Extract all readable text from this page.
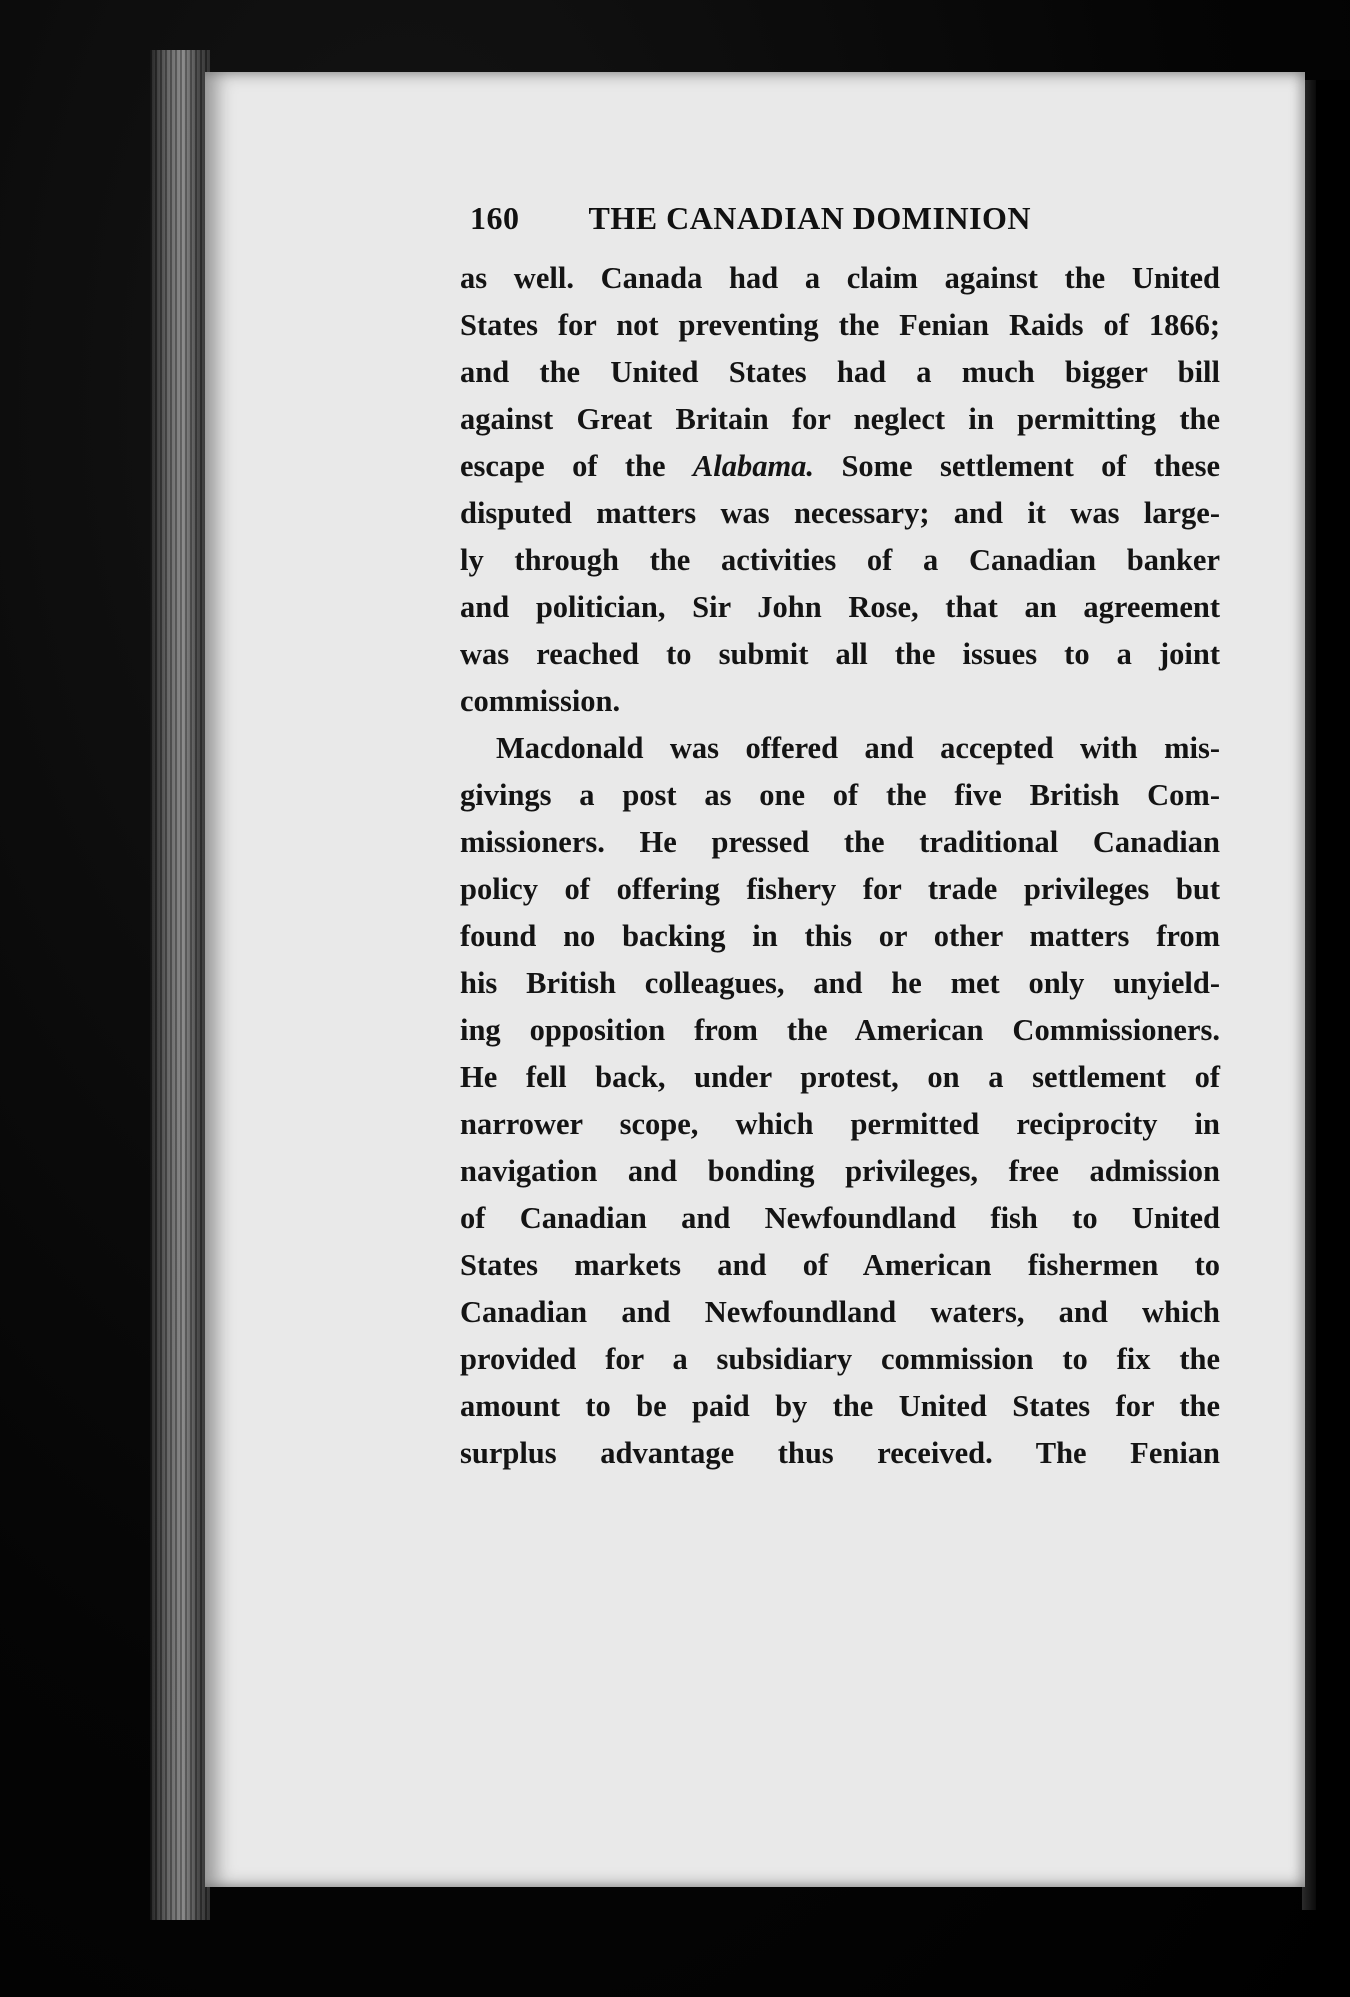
160 THE CANADIAN DOMINION
as well. Canada had a claim against the United
States for not preventing the Fenian Raids of 1866;
and the United States had a much bigger bill
against Great Britain for neglect in permitting the
escape of the Alabama. Some settlement of these
disputed matters was necessary; and it was large-
ly through the activities of a Canadian banker
and politician, Sir John Rose, that an agreement
was reached to submit all the issues to a joint
commission.
Macdonald was offered and accepted with mis-
givings a post as one of the five British Com-
missioners. He pressed the traditional Canadian
policy of offering fishery for trade privileges but
found no backing in this or other matters from
his British colleagues, and he met only unyield-
ing opposition from the American Commissioners.
He fell back, under protest, on a settlement of
narrower scope, which permitted reciprocity in
navigation and bonding privileges, free admission
of Canadian and Newfoundland fish to United
States markets and of American fishermen to
Canadian and Newfoundland waters, and which
provided for a subsidiary commission to fix the
amount to be paid by the United States for the
surplus advantage thus received. The Fenian
